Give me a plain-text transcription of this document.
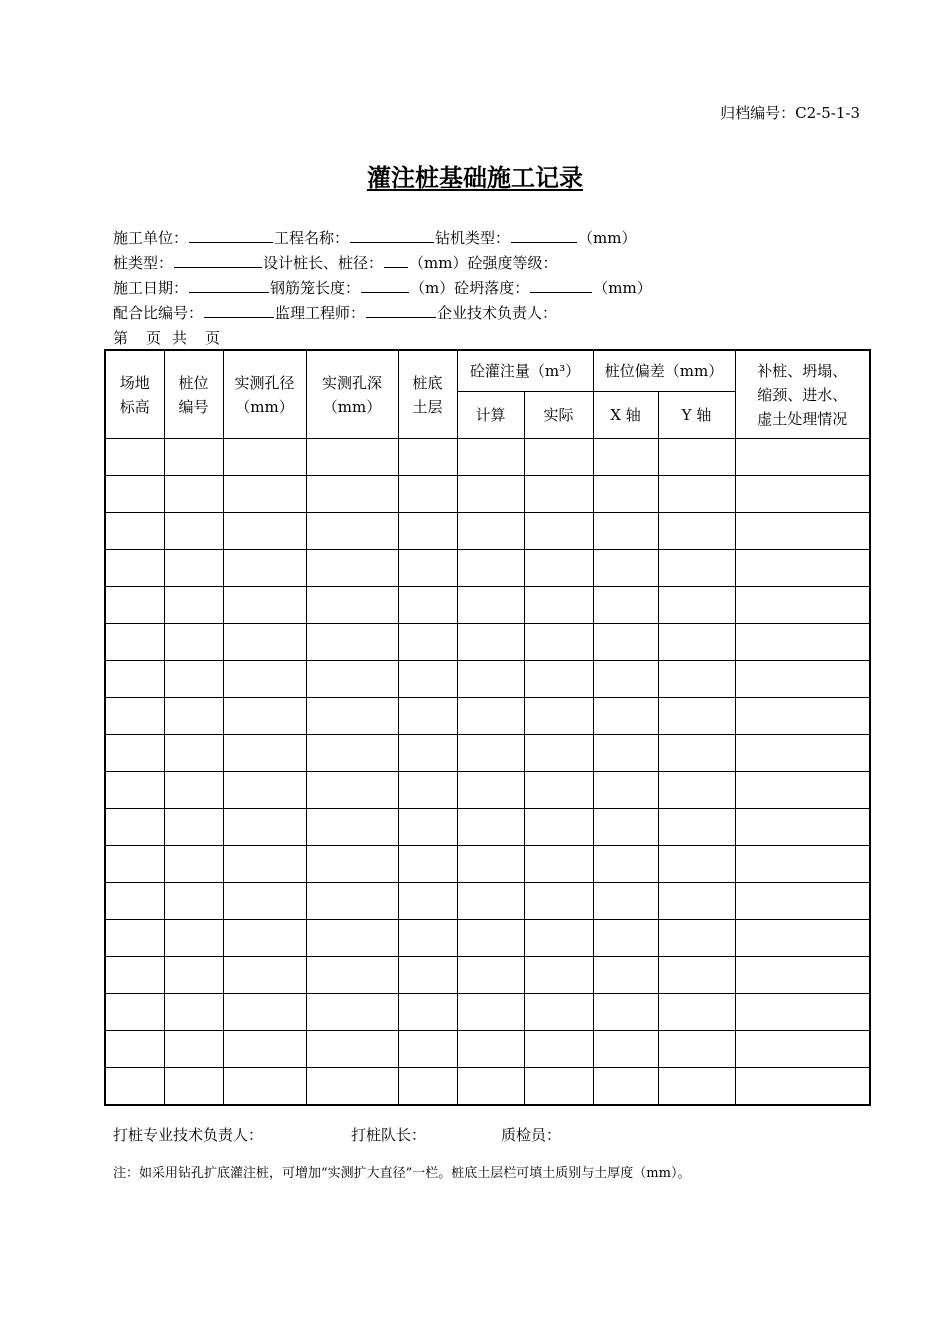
归档编号：C2-5-1-3
灌注桩基础施工记录
施工单位：	工程名称：	钻机类型：	（mm）
桩类型：	设计桩长、桩径： （mm）砼强度等级：
施工日期：	钢筋笼长度：	（m）砼坍落度：	（mm）
配合比编号：	监理工程师：	企业技术负责人：
第 页 共 页
场地标高	桩位编号	实测孔径（mm）	实测孔深（mm）	桩底土层	砼灌注量（m³）		桩位偏差（mm）		补桩、坍塌、缩颈、进水、虚土处理情况

					计算	实际	X 轴	Y 轴	

打桩专业技术负责人：	打桩队长：	质检员：
注：如采用钻孔扩底灌注桩，可增加“实测扩大直径”一栏。桩底土层栏可填土质别与土厚度（mm）。
